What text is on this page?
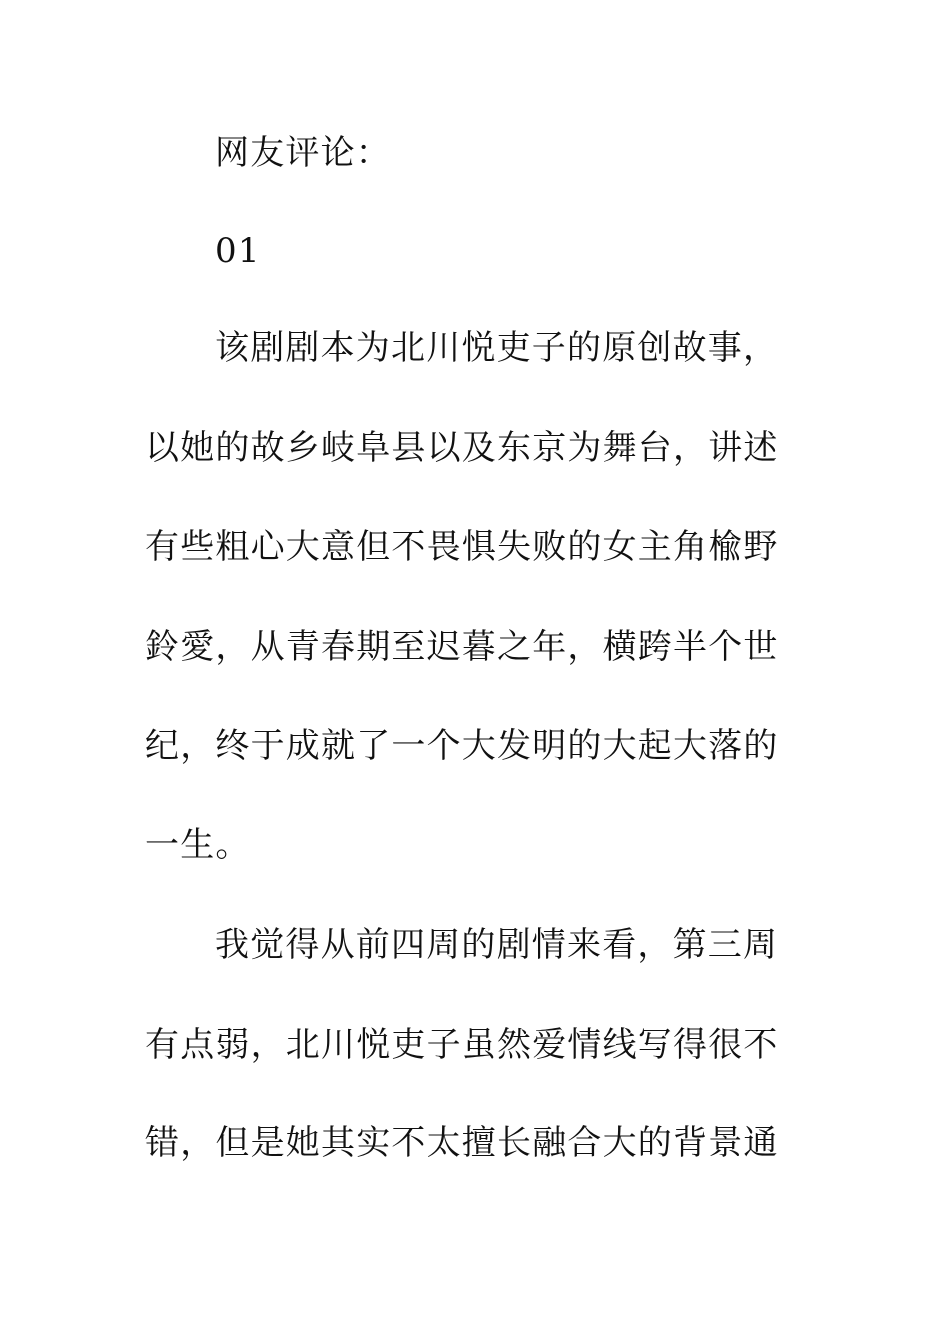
网友评论：
01
该剧剧本为北川悦吏子的原创故事，
以她的故乡岐阜县以及东京为舞台，讲述
有些粗心大意但不畏惧失败的女主角楡野
鈴愛，从青春期至迟暮之年，横跨半个世
纪，终于成就了一个大发明的大起大落的
一生。
我觉得从前四周的剧情来看，第三周
有点弱，北川悦吏子虽然爱情线写得很不
错，但是她其实不太擅长融合大的背景通
